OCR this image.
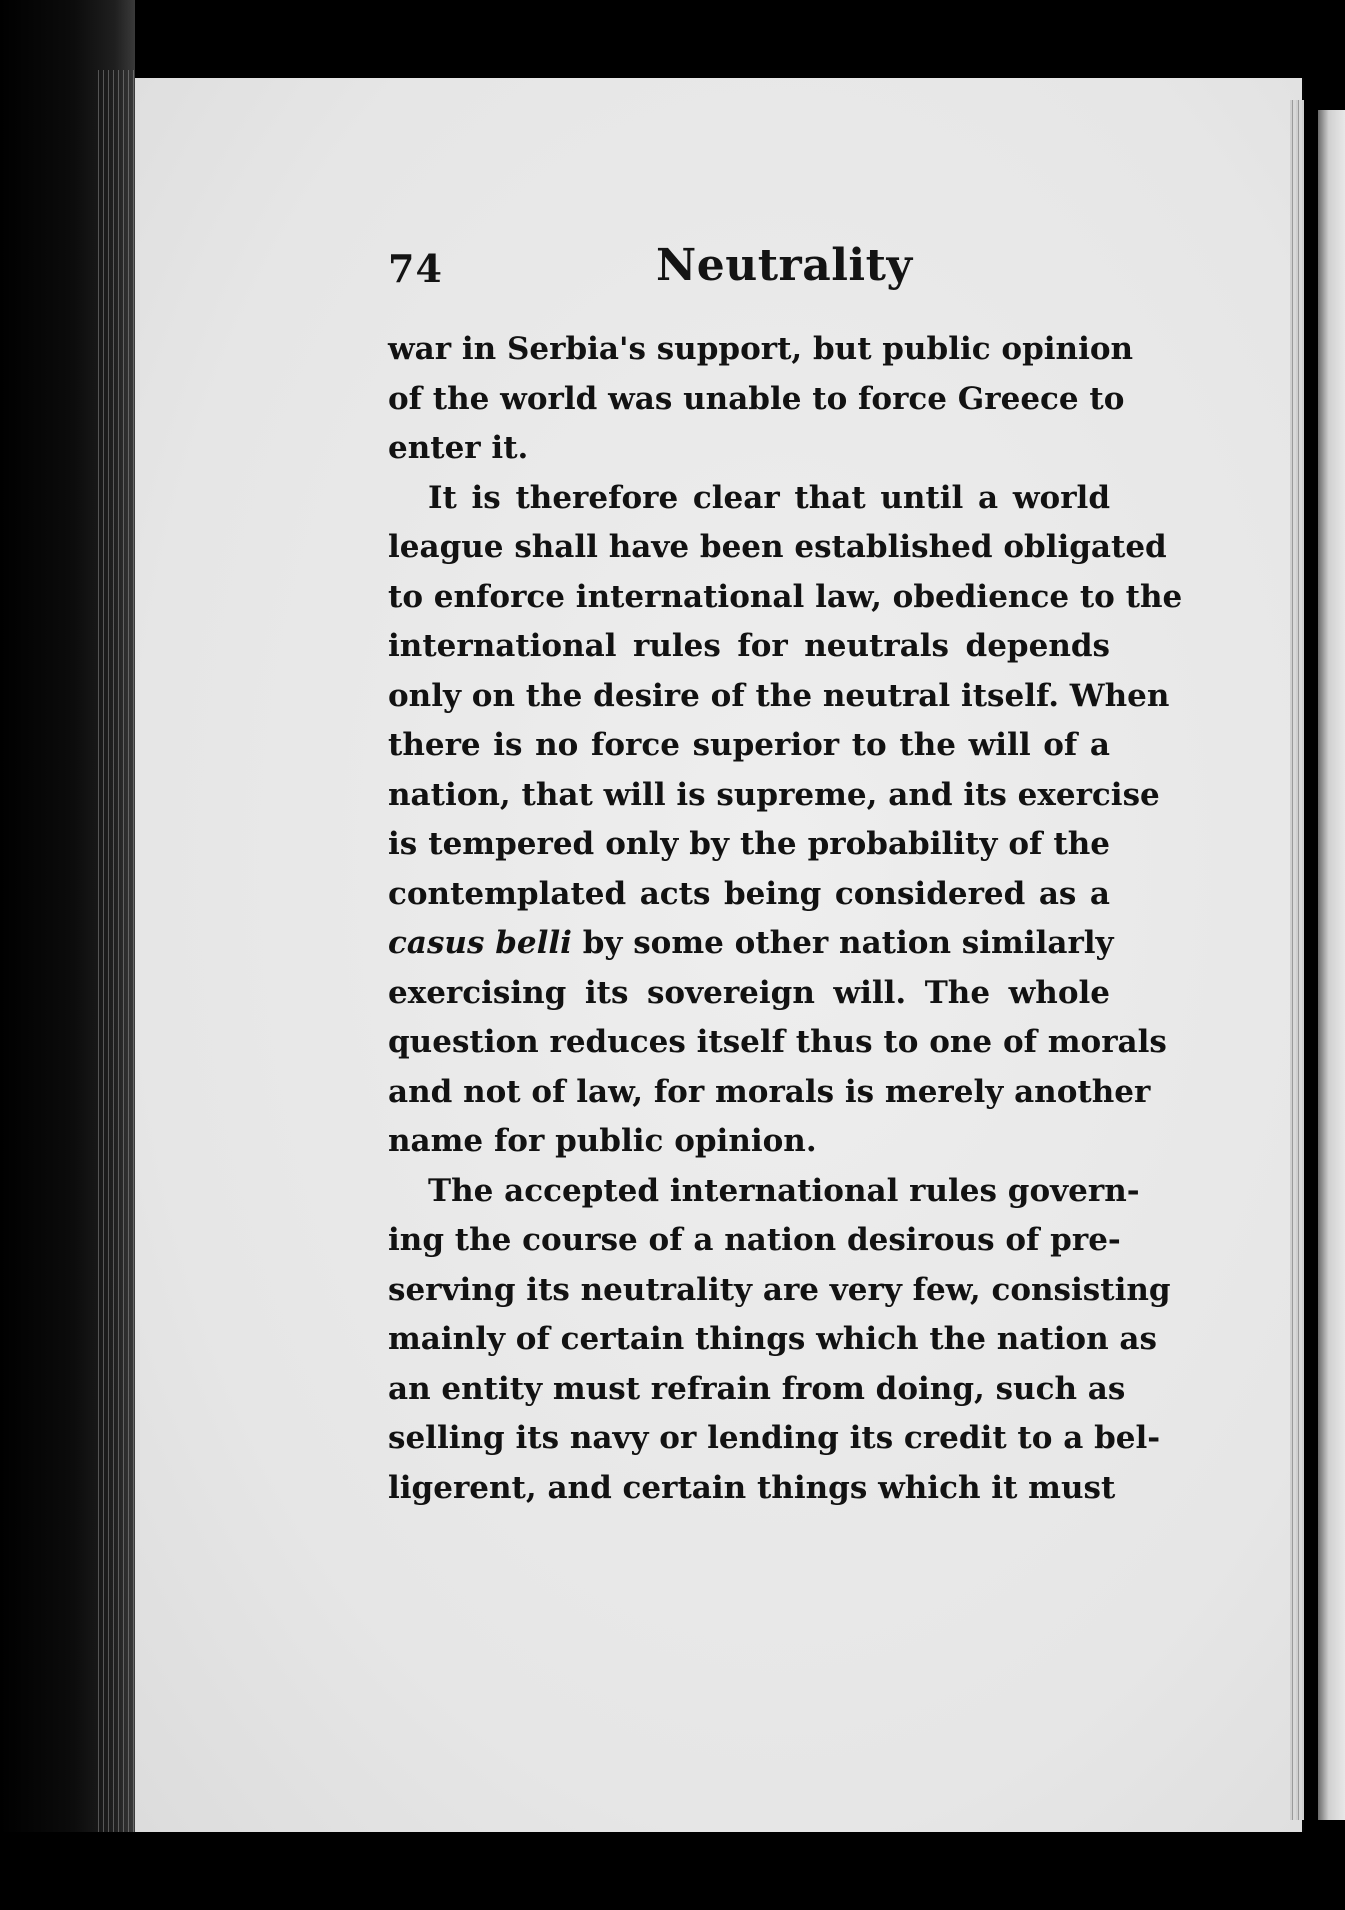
74	Neutrality
war in Serbia's support, but public opinion
of the world was unable to force Greece to
enter it.
It is therefore clear that until a world
league shall have been established obligated
to enforce international law, obedience to the
international rules for neutrals depends
only on the desire of the neutral itself. When
there is no force superior to the will of a
nation, that will is supreme, and its exercise
is tempered only by the probability of the
contemplated acts being considered as a
casus belli by some other nation similarly
exercising its sovereign will. The whole
question reduces itself thus to one of morals
and not of law, for morals is merely another
name for public opinion.
The accepted international rules govern-
ing the course of a nation desirous of pre-
serving its neutrality are very few, consisting
mainly of certain things which the nation as
an entity must refrain from doing, such as
selling its navy or lending its credit to a bel-
ligerent, and certain things which it must
